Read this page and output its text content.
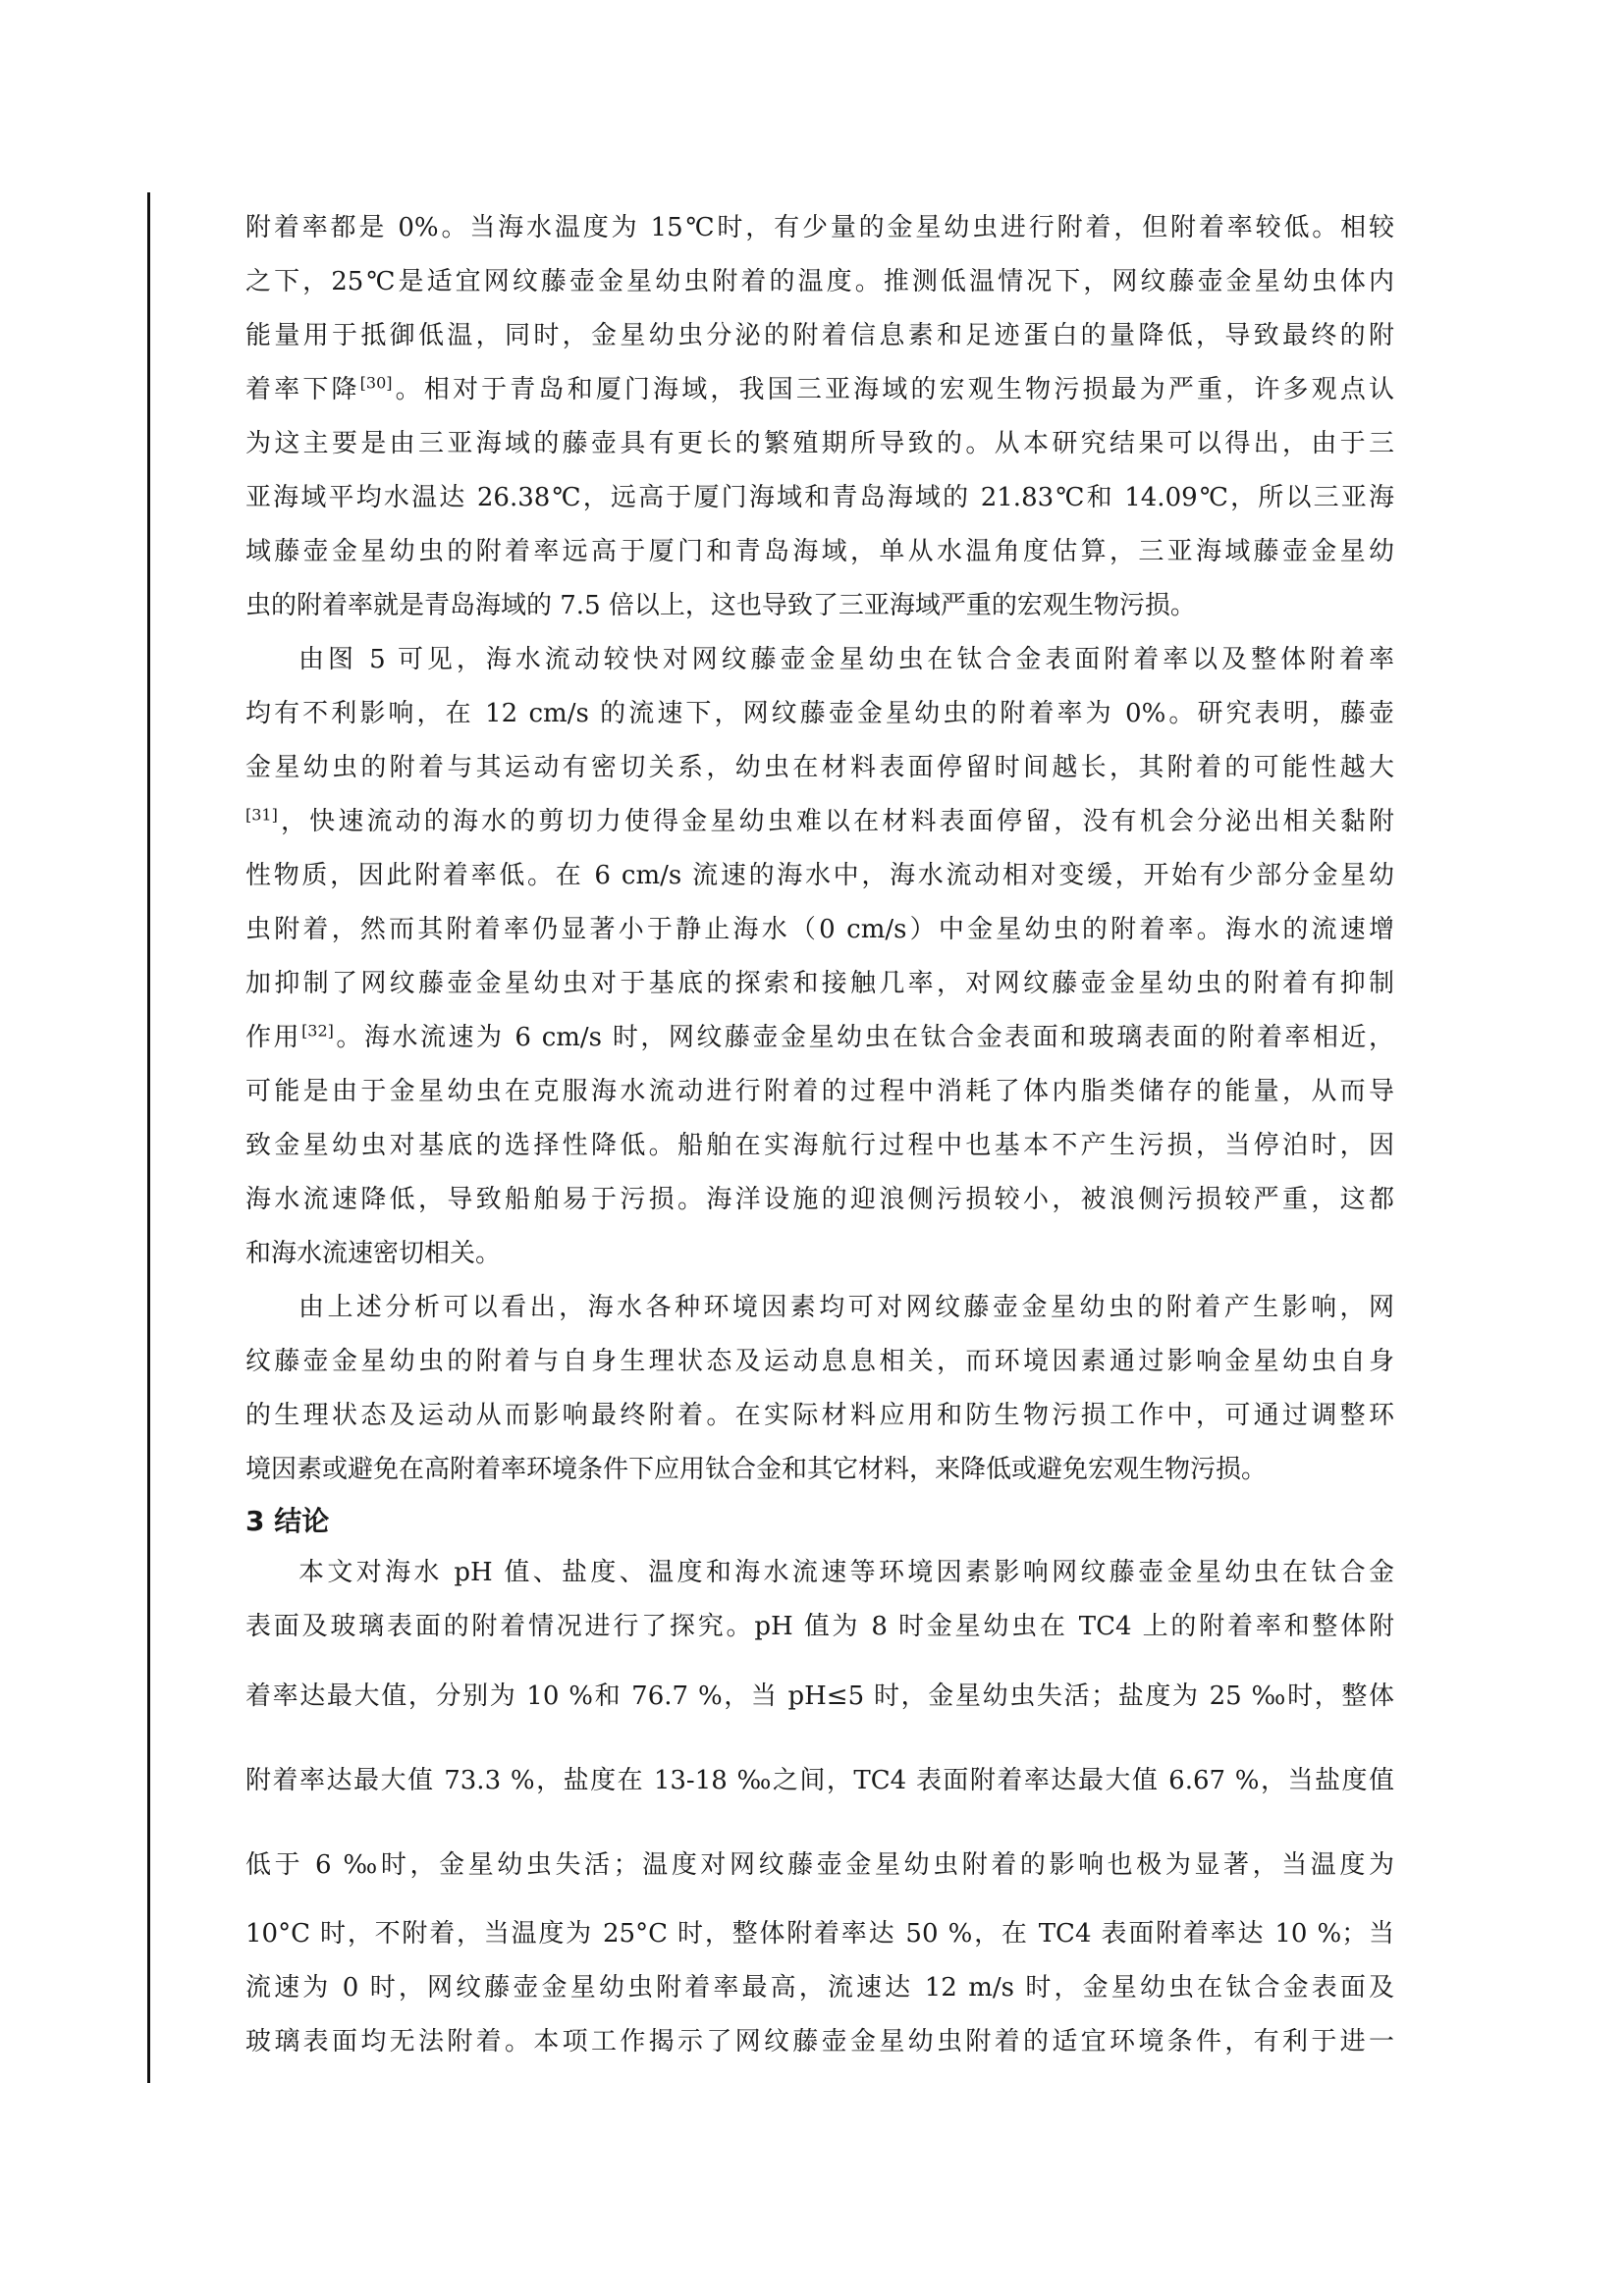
附着率都是 0%。当海水温度为 15℃时，有少量的金星幼虫进行附着，但附着率较低。相较
之下，25℃是适宜网纹藤壶金星幼虫附着的温度。推测低温情况下，网纹藤壶金星幼虫体内
能量用于抵御低温，同时，金星幼虫分泌的附着信息素和足迹蛋白的量降低，导致最终的附
着率下降[30]。相对于青岛和厦门海域，我国三亚海域的宏观生物污损最为严重，许多观点认
为这主要是由三亚海域的藤壶具有更长的繁殖期所导致的。从本研究结果可以得出，由于三
亚海域平均水温达 26.38℃，远高于厦门海域和青岛海域的 21.83℃和 14.09℃，所以三亚海
域藤壶金星幼虫的附着率远高于厦门和青岛海域，单从水温角度估算，三亚海域藤壶金星幼
虫的附着率就是青岛海域的 7.5 倍以上，这也导致了三亚海域严重的宏观生物污损。
由图 5 可见，海水流动较快对网纹藤壶金星幼虫在钛合金表面附着率以及整体附着率
均有不利影响，在 12 cm/s 的流速下，网纹藤壶金星幼虫的附着率为 0%。研究表明，藤壶
金星幼虫的附着与其运动有密切关系，幼虫在材料表面停留时间越长，其附着的可能性越大
[31]，快速流动的海水的剪切力使得金星幼虫难以在材料表面停留，没有机会分泌出相关黏附
性物质，因此附着率低。在 6 cm/s 流速的海水中，海水流动相对变缓，开始有少部分金星幼
虫附着，然而其附着率仍显著小于静止海水（0 cm/s）中金星幼虫的附着率。海水的流速增
加抑制了网纹藤壶金星幼虫对于基底的探索和接触几率，对网纹藤壶金星幼虫的附着有抑制
作用[32]。海水流速为 6 cm/s 时，网纹藤壶金星幼虫在钛合金表面和玻璃表面的附着率相近，
可能是由于金星幼虫在克服海水流动进行附着的过程中消耗了体内脂类储存的能量，从而导
致金星幼虫对基底的选择性降低。船舶在实海航行过程中也基本不产生污损，当停泊时，因
海水流速降低，导致船舶易于污损。海洋设施的迎浪侧污损较小，被浪侧污损较严重，这都
和海水流速密切相关。
由上述分析可以看出，海水各种环境因素均可对网纹藤壶金星幼虫的附着产生影响，网
纹藤壶金星幼虫的附着与自身生理状态及运动息息相关，而环境因素通过影响金星幼虫自身
的生理状态及运动从而影响最终附着。在实际材料应用和防生物污损工作中，可通过调整环
境因素或避免在高附着率环境条件下应用钛合金和其它材料，来降低或避免宏观生物污损。
3 结论
本文对海水 pH 值、盐度、温度和海水流速等环境因素影响网纹藤壶金星幼虫在钛合金
表面及玻璃表面的附着情况进行了探究。pH 值为 8 时金星幼虫在 TC4 上的附着率和整体附
着率达最大值，分别为 10 %和 76.7 %，当 pH≤5 时，金星幼虫失活；盐度为 25 ‰时，整体
附着率达最大值 73.3 %，盐度在 13-18 ‰之间，TC4 表面附着率达最大值 6.67 %，当盐度值
低于 6 ‰时，金星幼虫失活；温度对网纹藤壶金星幼虫附着的影响也极为显著，当温度为
10°C 时，不附着，当温度为 25°C 时，整体附着率达 50 %，在 TC4 表面附着率达 10 %；当
流速为 0 时，网纹藤壶金星幼虫附着率最高，流速达 12 m/s 时，金星幼虫在钛合金表面及
玻璃表面均无法附着。本项工作揭示了网纹藤壶金星幼虫附着的适宜环境条件，有利于进一
